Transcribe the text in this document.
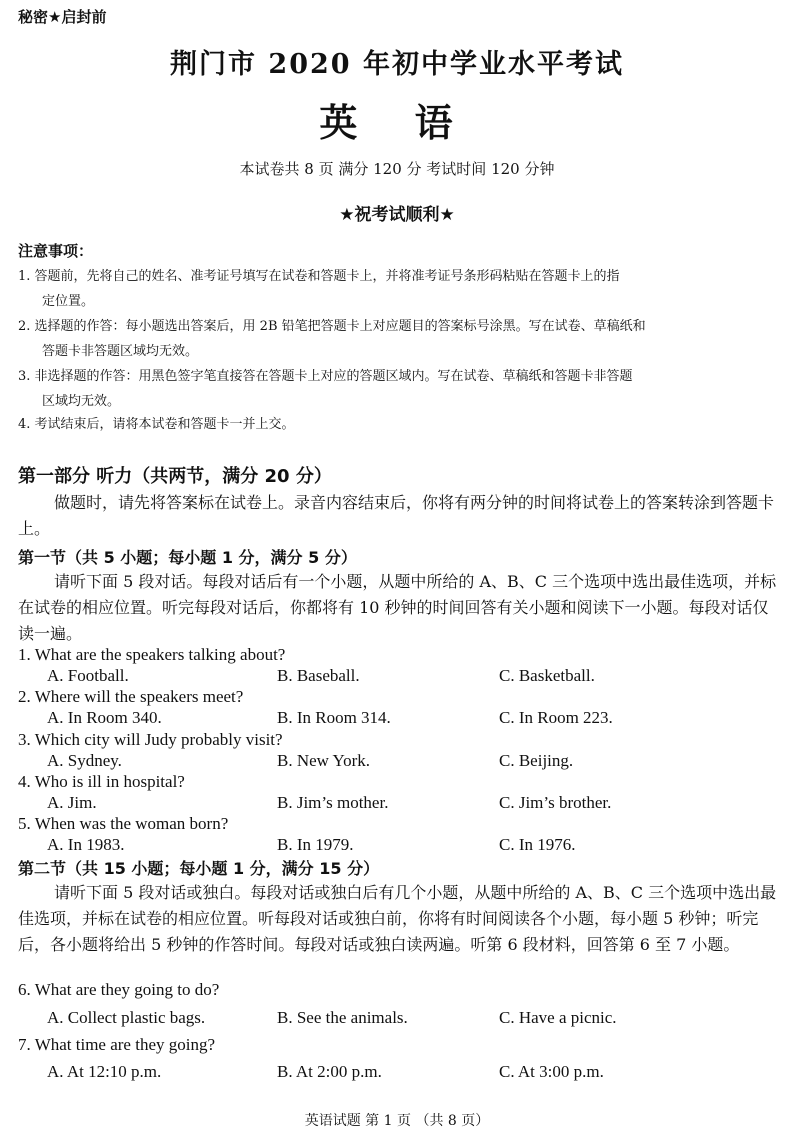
秘密★启封前
荆门市 2020 年初中学业水平考试
英 语
本试卷共 8 页 满分 120 分 考试时间 120 分钟
★祝考试顺利★
注意事项：
1. 答题前，先将自己的姓名、准考证号填写在试卷和答题卡上，并将准考证号条形码粘贴在答题卡上的指
定位置。
2. 选择题的作答：每小题选出答案后，用 2B 铅笔把答题卡上对应题目的答案标号涂黑。写在试卷、草稿纸和
答题卡非答题区域均无效。
3. 非选择题的作答：用黑色签字笔直接答在答题卡上对应的答题区域内。写在试卷、草稿纸和答题卡非答题
区域均无效。
4. 考试结束后，请将本试卷和答题卡一并上交。
第一部分 听力（共两节，满分 20 分）
做题时，请先将答案标在试卷上。录音内容结束后，你将有两分钟的时间将试卷上的答案转涂到答题卡上。
第一节（共 5 小题；每小题 1 分，满分 5 分）
请听下面 5 段对话。每段对话后有一个小题，从题中所给的 A、B、C 三个选项中选出最佳选项，并标在试卷的相应位置。听完每段对话后，你都将有 10 秒钟的时间回答有关小题和阅读下一小题。每段对话仅读一遍。
1. What are the speakers talking about?
A. Football.	B. Baseball.	C. Basketball.
2. Where will the speakers meet?
A. In Room 340.	B. In Room 314.	C. In Room 223.
3. Which city will Judy probably visit?
A. Sydney.	B. New York.	C. Beijing.
4. Who is ill in hospital?
A. Jim.	B. Jim’s mother.	C. Jim’s brother.
5. When was the woman born?
A. In 1983.	B. In 1979.	C. In 1976.
第二节（共 15 小题；每小题 1 分，满分 15 分）
请听下面 5 段对话或独白。每段对话或独白后有几个小题，从题中所给的 A、B、C 三个选项中选出最佳选项，并标在试卷的相应位置。听每段对话或独白前，你将有时间阅读各个小题，每小题 5 秒钟；听完后，各小题将给出 5 秒钟的作答时间。每段对话或独白读两遍。听第 6 段材料，回答第 6 至 7 小题。
6. What are they going to do?
A. Collect plastic bags.	B. See the animals.	C. Have a picnic.
7. What time are they going?
A. At 12:10 p.m.	B. At 2:00 p.m.	C. At 3:00 p.m.
英语试题 第 1 页 （共 8 页）
